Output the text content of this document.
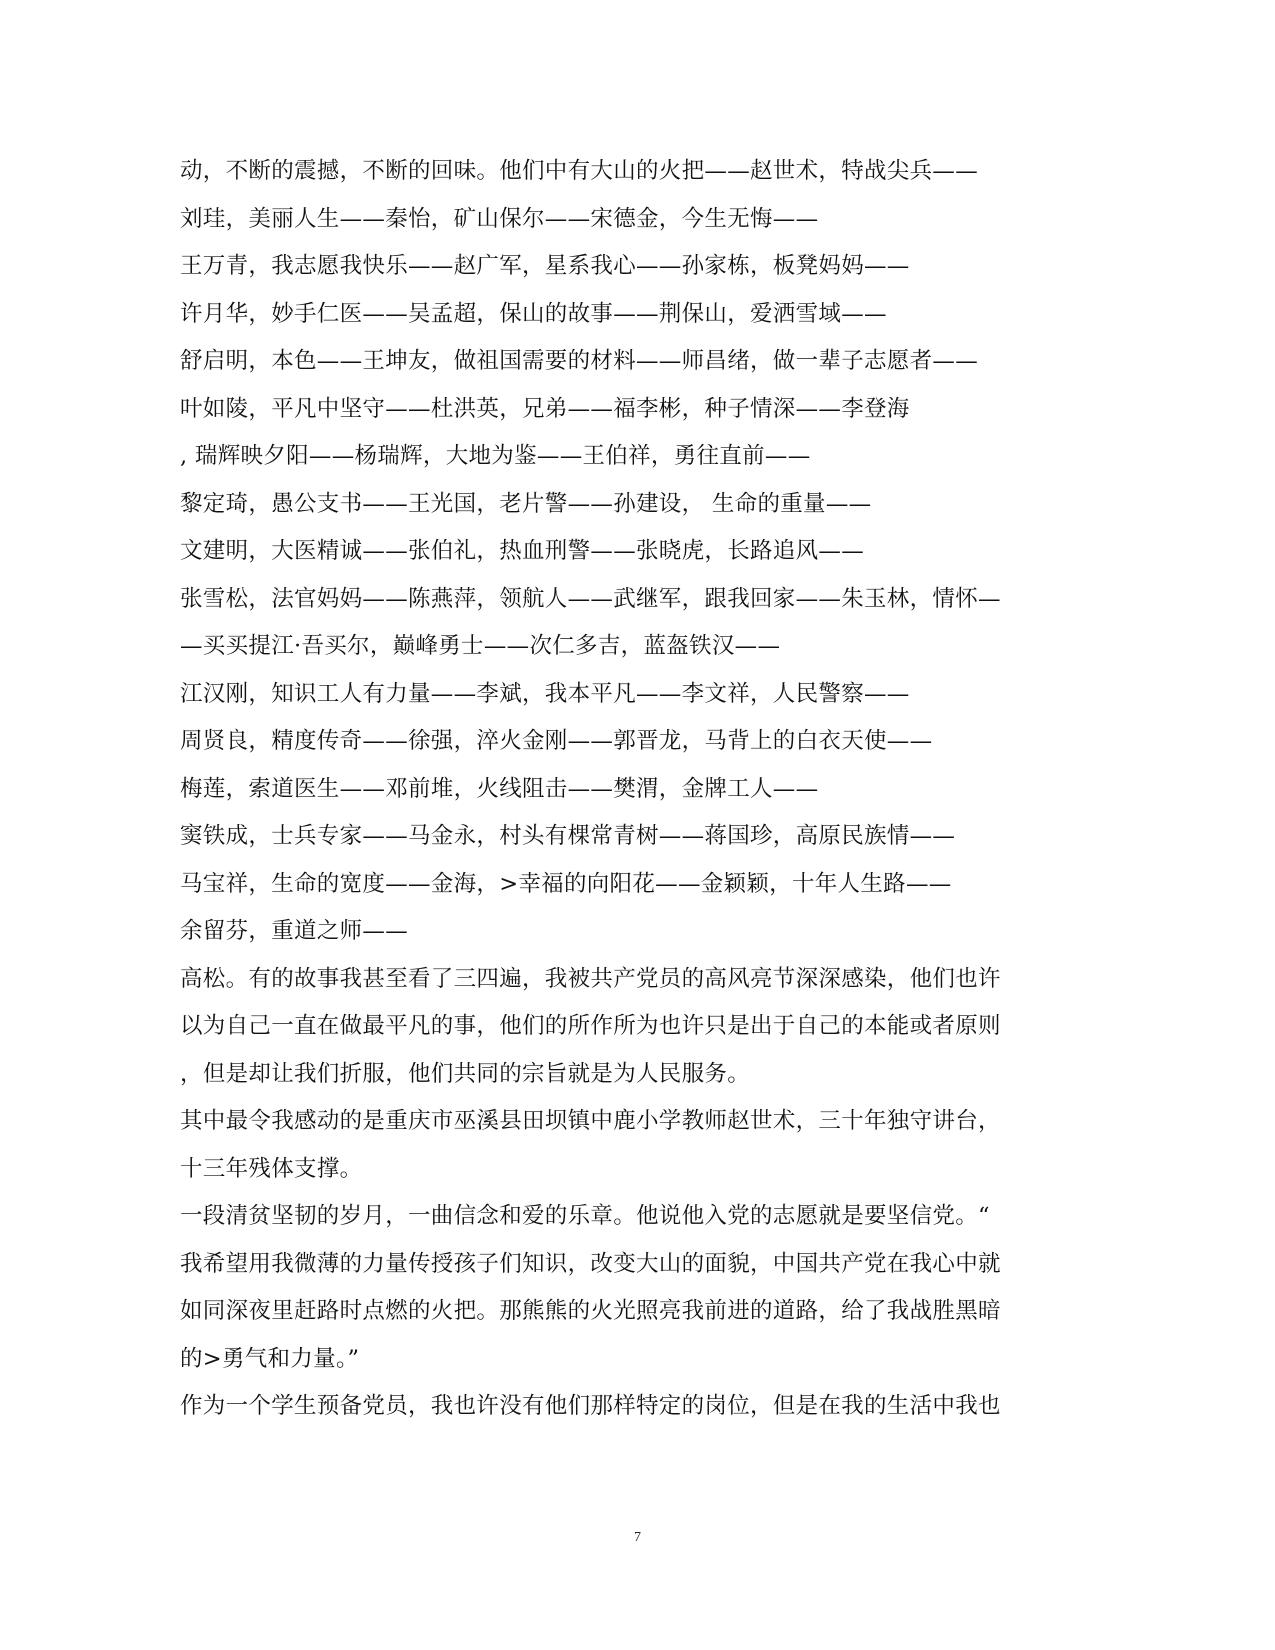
动，不断的震撼，不断的回味。他们中有大山的火把——赵世术，特战尖兵——
刘珪，美丽人生——秦怡，矿山保尔——宋德金，今生无悔——
王万青，我志愿我快乐——赵广军，星系我心——孙家栋，板凳妈妈——
许月华，妙手仁医——吴孟超，保山的故事——荆保山，爱洒雪域——
舒启明，本色——王坤友，做祖国需要的材料——师昌绪，做一辈子志愿者——
叶如陵，平凡中坚守——杜洪英，兄弟——福李彬，种子情深——李登海
, 瑞辉映夕阳——杨瑞辉，大地为鉴——王伯祥，勇往直前——
黎定琦，愚公支书——王光国，老片警——孙建设， 生命的重量——
文建明，大医精诚——张伯礼，热血刑警——张晓虎，长路追风——
张雪松，法官妈妈——陈燕萍，领航人——武继军，跟我回家——朱玉林，情怀—
—买买提江·吾买尔，巅峰勇士——次仁多吉，蓝盔铁汉——
江汉刚，知识工人有力量——李斌，我本平凡——李文祥，人民警察——
周贤良，精度传奇——徐强，淬火金刚——郭晋龙，马背上的白衣天使——
梅莲，索道医生——邓前堆，火线阻击——樊渭，金牌工人——
窦铁成，士兵专家——马金永，村头有棵常青树——蒋国珍，高原民族情——
马宝祥，生命的宽度——金海，>幸福的向阳花——金颖颖，十年人生路——
余留芬，重道之师——
高松。有的故事我甚至看了三四遍，我被共产党员的高风亮节深深感染，他们也许
以为自己一直在做最平凡的事，他们的所作所为也许只是出于自己的本能或者原则
，但是却让我们折服，他们共同的宗旨就是为人民服务。
其中最令我感动的是重庆市巫溪县田坝镇中鹿小学教师赵世术，三十年独守讲台，
十三年残体支撑。
一段清贫坚韧的岁月，一曲信念和爱的乐章。他说他入党的志愿就是要坚信党。“
我希望用我微薄的力量传授孩子们知识，改变大山的面貌，中国共产党在我心中就
如同深夜里赶路时点燃的火把。那熊熊的火光照亮我前进的道路，给了我战胜黑暗
的>勇气和力量。”
作为一个学生预备党员，我也许没有他们那样特定的岗位，但是在我的生活中我也
7
